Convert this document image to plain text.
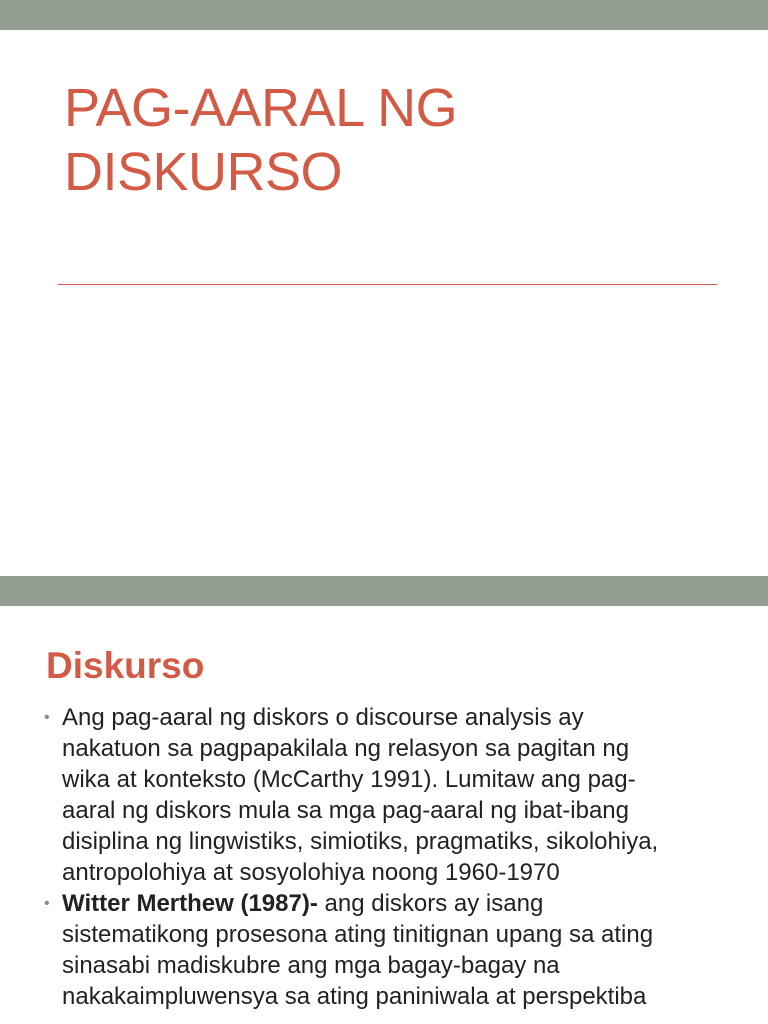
PAG-AARAL NG
DISKURSO
Diskurso
• Ang pag-aaral ng diskors o discourse analysis ay
nakatuon sa pagpapakilala ng relasyon sa pagitan ng
wika at konteksto (McCarthy 1991). Lumitaw ang pag-
aaral ng diskors mula sa mga pag-aaral ng ibat-ibang
disiplina ng lingwistiks, simiotiks, pragmatiks, sikolohiya,
antropolohiya at sosyolohiya noong 1960-1970
• Witter Merthew (1987)- ang diskors ay isang
sistematikong prosesona ating tinitignan upang sa ating
sinasabi madiskubre ang mga bagay-bagay na
nakakaimpluwensya sa ating paniniwala at perspektiba
